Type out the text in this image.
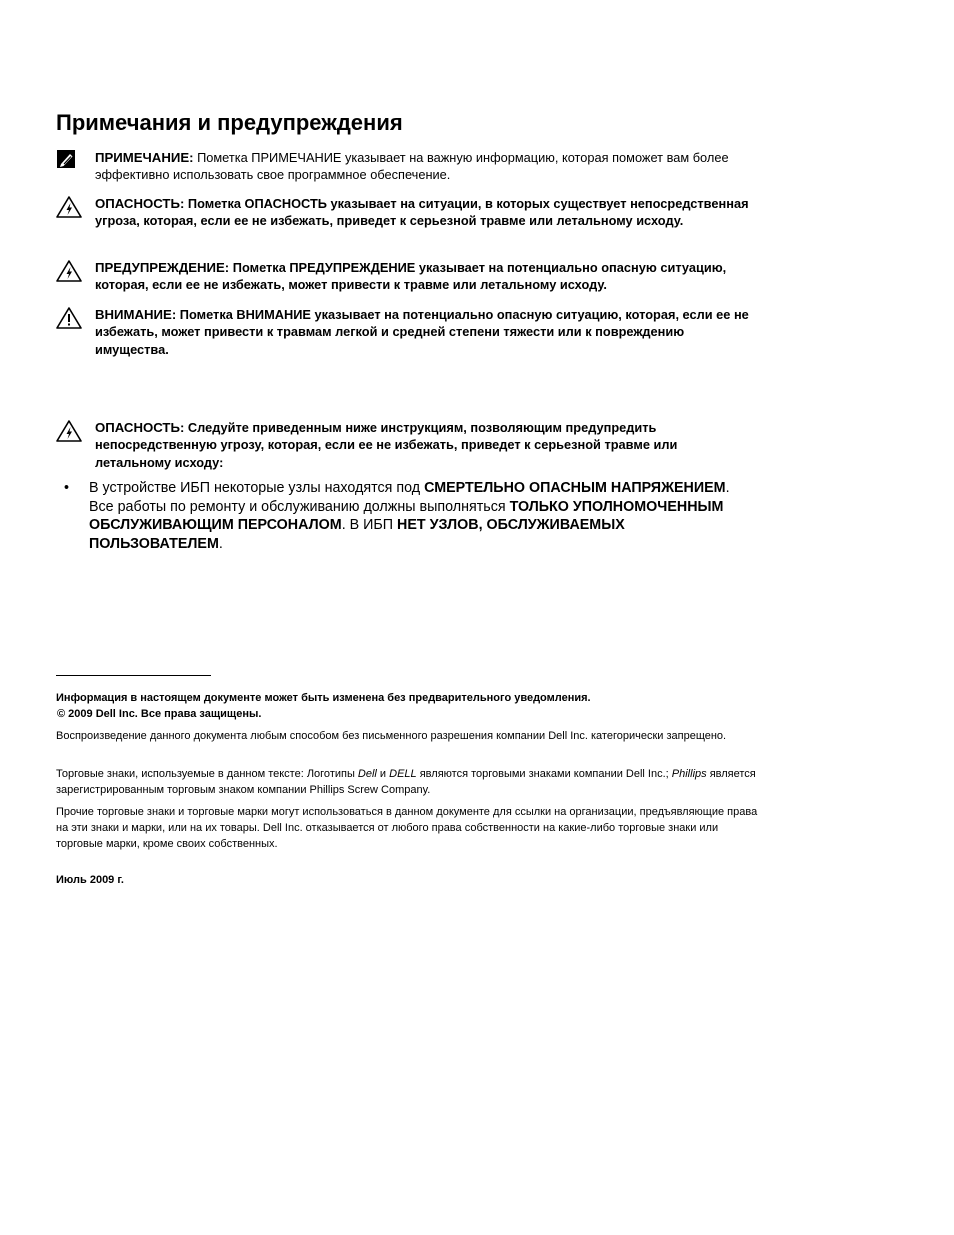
Примечания и предупреждения
ПРИМЕЧАНИЕ: Пометка ПРИМЕЧАНИЕ указывает на важную информацию, которая поможет вам более эффективно использовать свое программное обеспечение.
ОПАСНОСТЬ: Пометка ОПАСНОСТЬ указывает на ситуации, в которых существует непосредственная угроза, которая, если ее не избежать, приведет к серьезной травме или летальному исходу.
ПРЕДУПРЕЖДЕНИЕ: Пометка ПРЕДУПРЕЖДЕНИЕ указывает на потенциально опасную ситуацию, которая, если ее не избежать, может привести к травме или летальному исходу.
ВНИМАНИЕ: Пометка ВНИМАНИЕ указывает на потенциально опасную ситуацию, которая, если ее не избежать, может привести к травмам легкой и средней степени тяжести или к повреждению имущества.
ОПАСНОСТЬ: Следуйте приведенным ниже инструкциям, позволяющим предупредить непосредственную угрозу, которая, если ее не избежать, приведет к серьезной травме или летальному исходу:
• В устройстве ИБП некоторые узлы находятся под СМЕРТЕЛЬНО ОПАСНЫМ НАПРЯЖЕНИЕМ. Все работы по ремонту и обслуживанию должны выполняться ТОЛЬКО УПОЛНОМОЧЕННЫМ ОБСЛУЖИВАЮЩИМ ПЕРСОНАЛОМ. В ИБП НЕТ УЗЛОВ, ОБСЛУЖИВАЕМЫХ ПОЛЬЗОВАТЕЛЕМ.
Информация в настоящем документе может быть изменена без предварительного уведомления.
© 2009 Dell Inc. Все права защищены.
Воспроизведение данного документа любым способом без письменного разрешения компании Dell Inc. категорически запрещено.
Торговые знаки, используемые в данном тексте: Логотипы Dell и DELL являются торговыми знаками компании Dell Inc.; Phillips является зарегистрированным торговым знаком компании Phillips Screw Company.
Прочие торговые знаки и торговые марки могут использоваться в данном документе для ссылки на организации, предъявляющие права на эти знаки и марки, или на их товары. Dell Inc. отказывается от любого права собственности на какие-либо торговые знаки или торговые марки, кроме своих собственных.
Июль 2009 г.
